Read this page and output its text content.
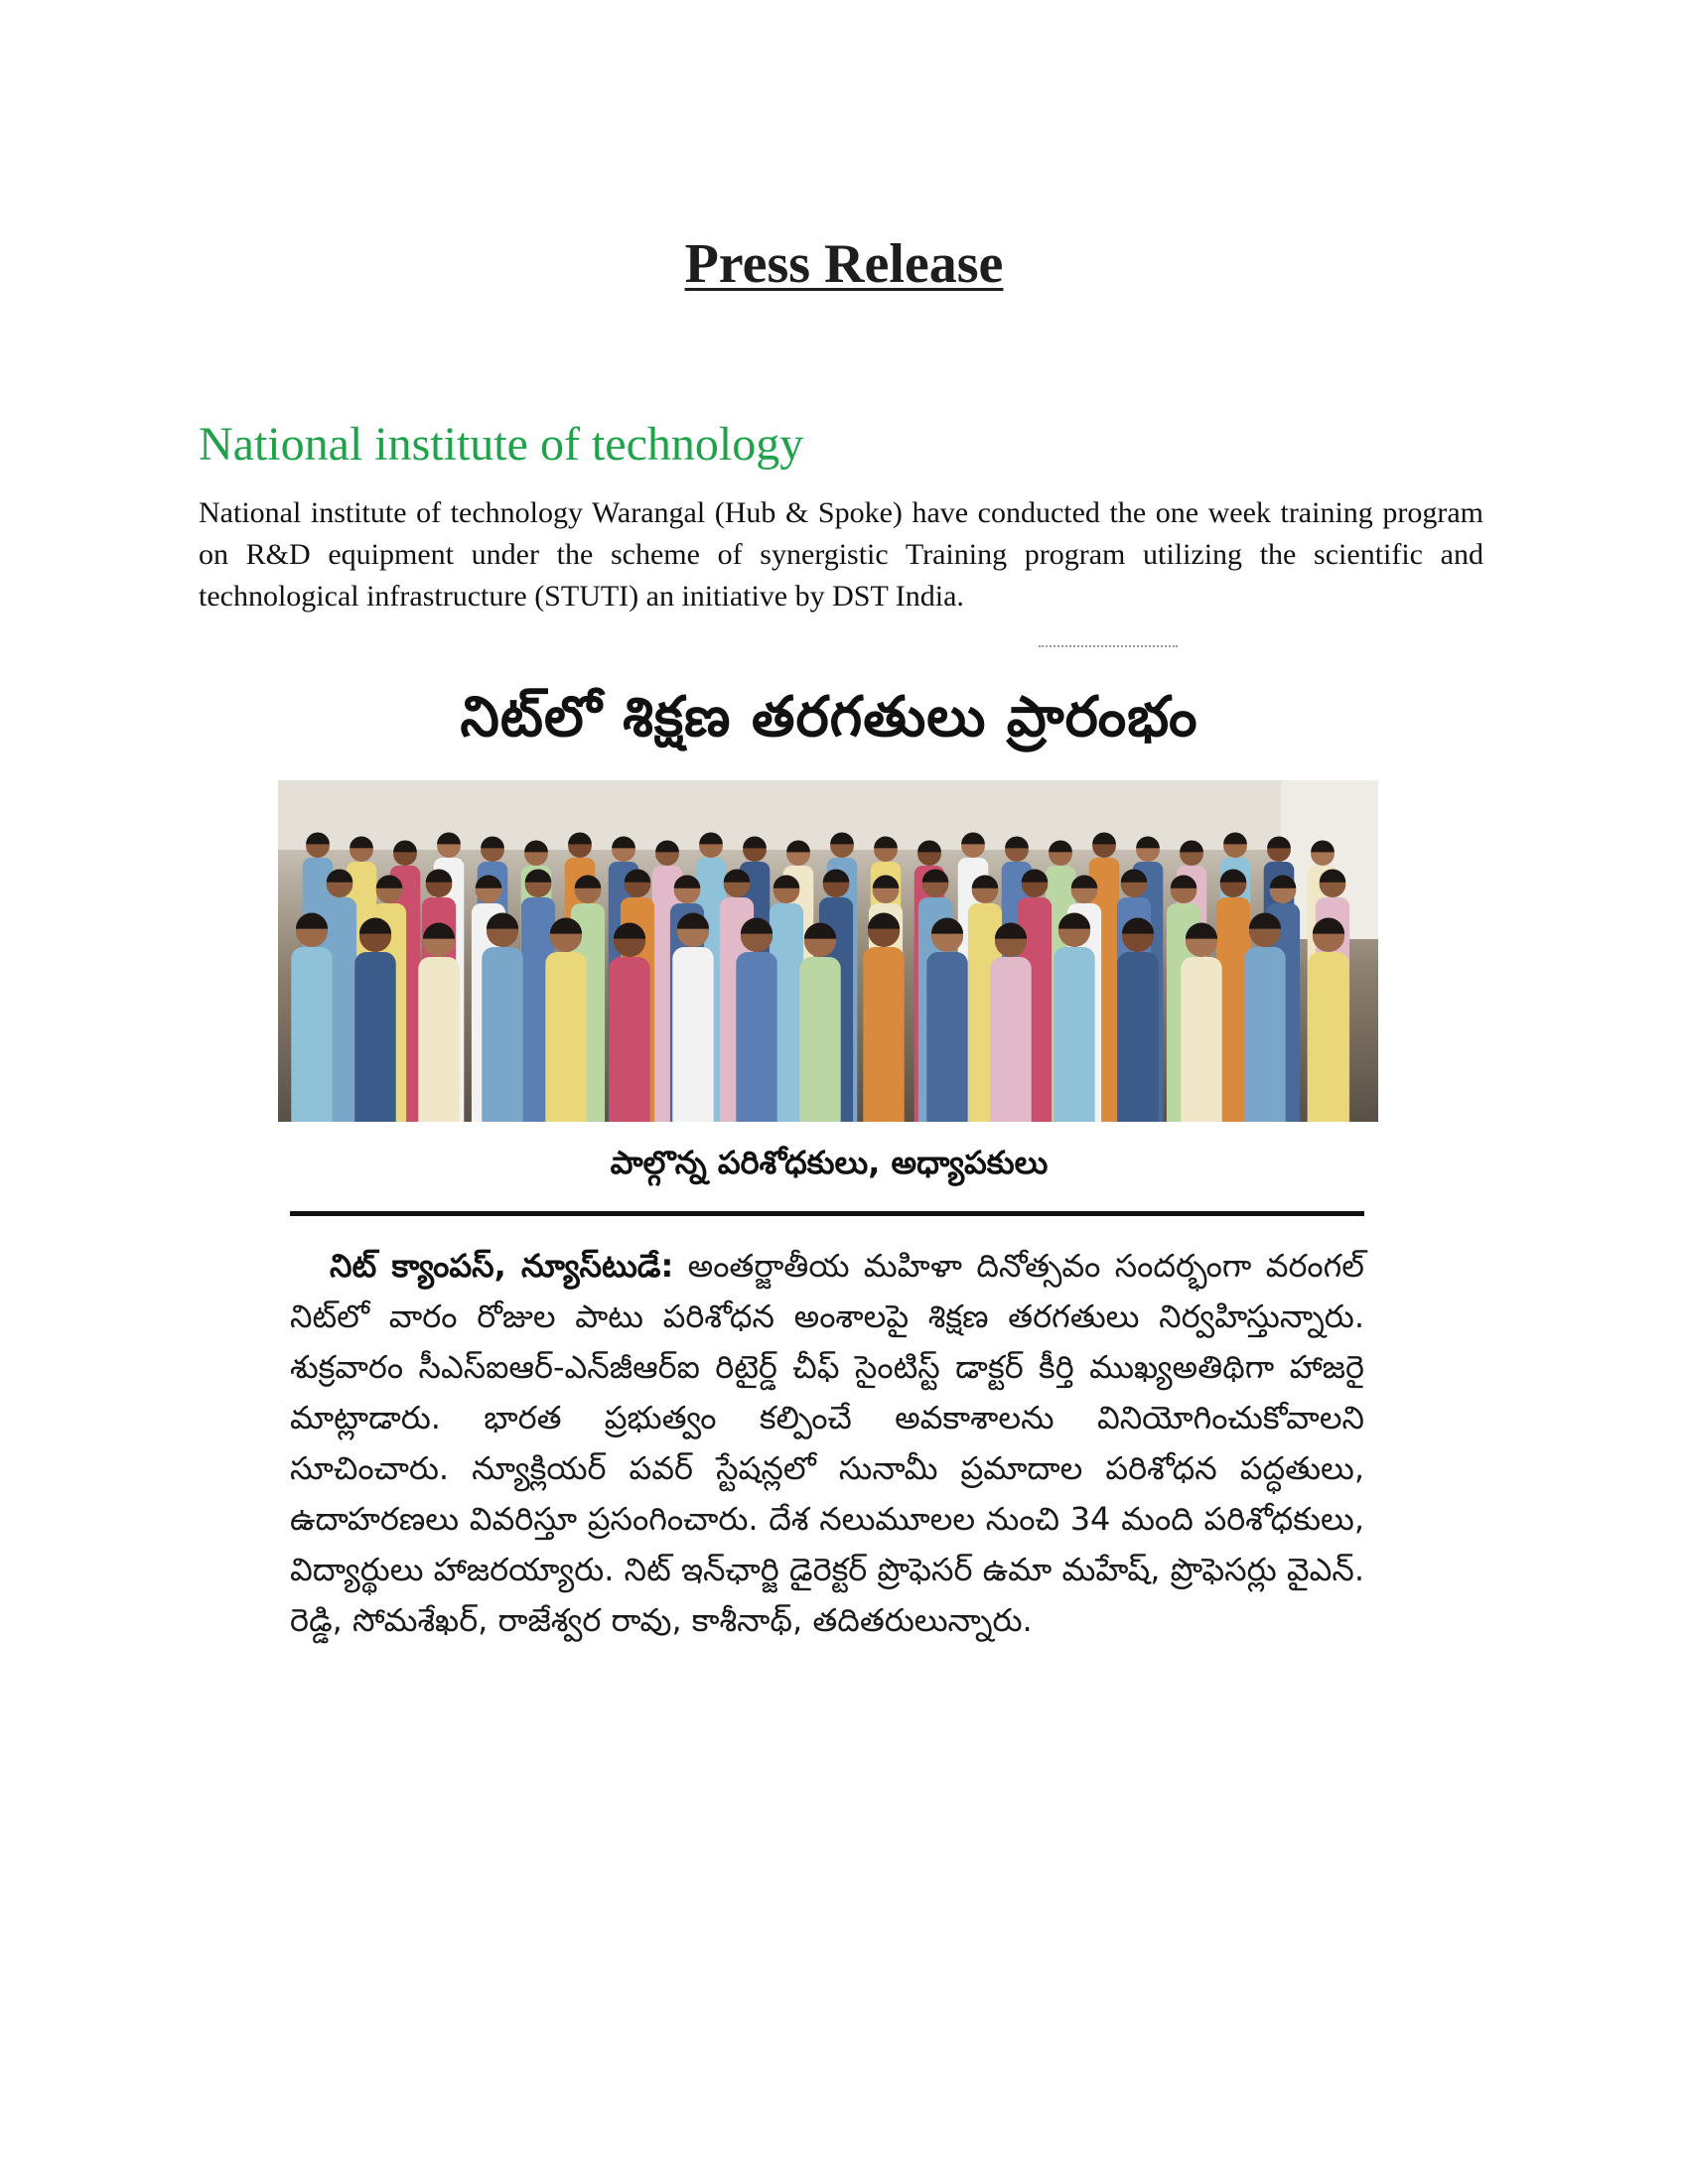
Press Release
National institute of technology

National institute of technology Warangal (Hub & Spoke) have conducted the one week training program on R&D equipment under the scheme of synergistic Training program utilizing the scientific and technological infrastructure (STUTI) an initiative by DST India.

నిట్‌లో శిక్షణ తరగతులు ప్రారంభం
పాల్గొన్న పరిశోధకులు, అధ్యాపకులు
నిట్ క్యాంపస్, న్యూస్‌టుడే: అంతర్జాతీయ మహిళా దినోత్సవం సందర్భంగా వరంగల్ నిట్‌లో వారం రోజుల పాటు పరిశోధన అంశాలపై శిక్షణ తరగతులు నిర్వహిస్తున్నారు. శుక్రవారం సీఎస్ఐఆర్-ఎన్‌జీఆర్ఐ రిటైర్డ్ చీఫ్ సైంటిస్ట్ డాక్టర్ కీర్తి ముఖ్యఅతిథిగా హాజరై మాట్లాడారు. భారత ప్రభుత్వం కల్పించే అవకాశాలను వినియోగించుకోవాలని సూచించారు. న్యూక్లియర్ పవర్ స్టేషన్లలో సునామీ ప్రమాదాల పరిశోధన పద్ధతులు, ఉదాహరణలు వివరిస్తూ ప్రసంగించారు. దేశ నలుమూలల నుంచి 34 మంది పరిశోధకులు, విద్యార్థులు హాజరయ్యారు. నిట్ ఇన్‌ఛార్జి డైరెక్టర్ ప్రొఫెసర్ ఉమా మహేష్, ప్రొఫెసర్లు వైఎన్. రెడ్డి, సోమశేఖర్, రాజేశ్వర రావు, కాశీనాథ్, తదితరులున్నారు.
